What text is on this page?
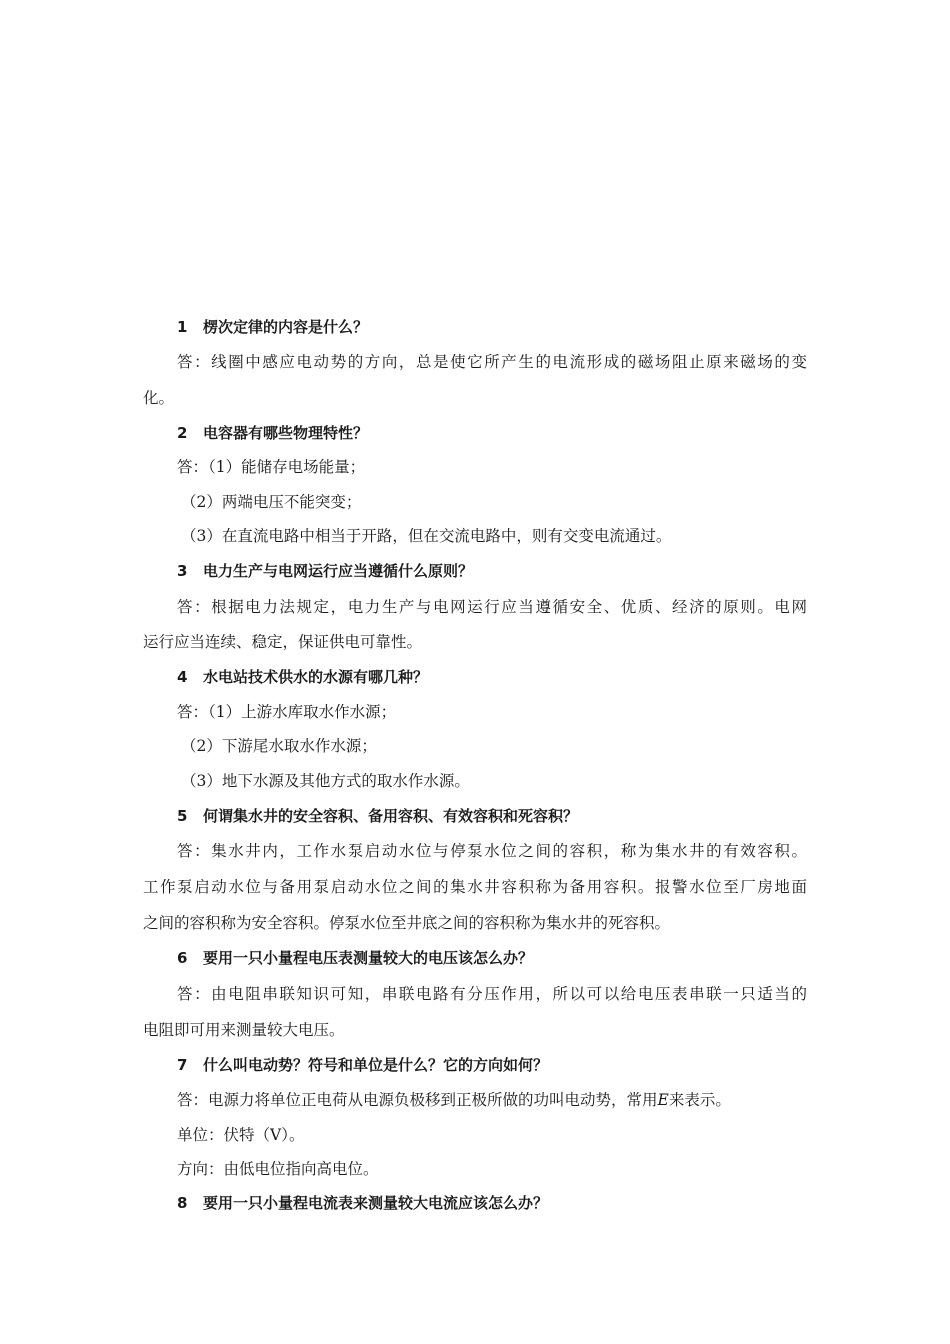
1 楞次定律的内容是什么？
答：线圈中感应电动势的方向，总是使它所产生的电流形成的磁场阻止原来磁场的变
化。
2 电容器有哪些物理特性？
答：（1）能储存电场能量；
（2）两端电压不能突变；
（3）在直流电路中相当于开路，但在交流电路中，则有交变电流通过。
3 电力生产与电网运行应当遵循什么原则？
答：根据电力法规定，电力生产与电网运行应当遵循安全、优质、经济的原则。电网
运行应当连续、稳定，保证供电可靠性。
4 水电站技术供水的水源有哪几种？
答：（1）上游水库取水作水源；
（2）下游尾水取水作水源；
（3）地下水源及其他方式的取水作水源。
5 何谓集水井的安全容积、备用容积、有效容积和死容积？
答：集水井内，工作水泵启动水位与停泵水位之间的容积，称为集水井的有效容积。
工作泵启动水位与备用泵启动水位之间的集水井容积称为备用容积。报警水位至厂房地面
之间的容积称为安全容积。停泵水位至井底之间的容积称为集水井的死容积。
6 要用一只小量程电压表测量较大的电压该怎么办？
答：由电阻串联知识可知，串联电路有分压作用，所以可以给电压表串联一只适当的
电阻即可用来测量较大电压。
7 什么叫电动势？符号和单位是什么？它的方向如何？
答：电源力将单位正电荷从电源负极移到正极所做的功叫电动势，常用E来表示。
单位：伏特（V）。
方向：由低电位指向高电位。
8 要用一只小量程电流表来测量较大电流应该怎么办？
